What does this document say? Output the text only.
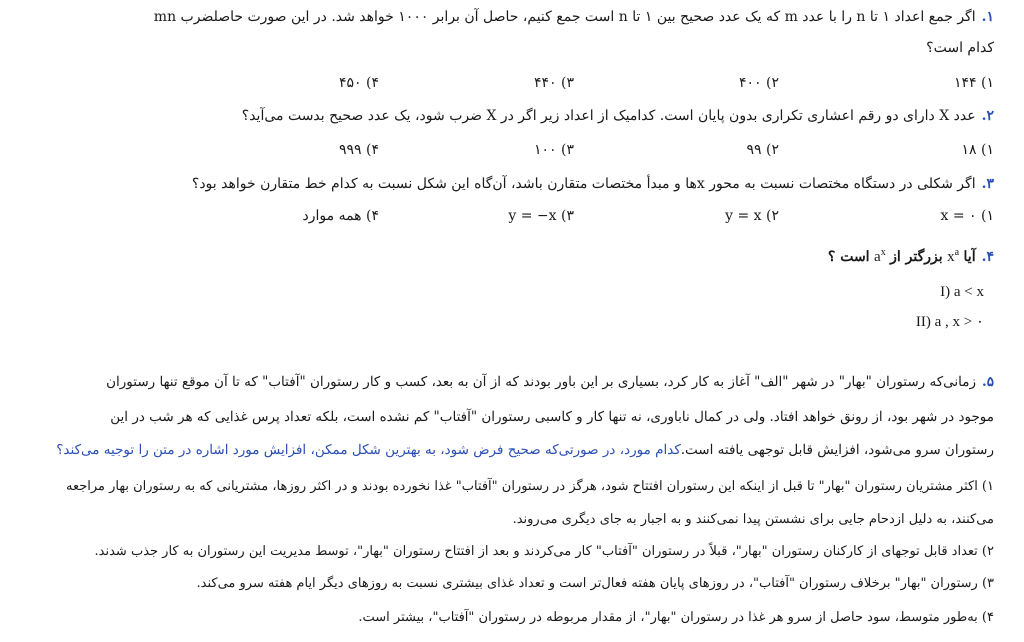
۱.اگر جمع اعداد ۱ تا n را با عدد m که یک عدد صحیح بین ۱ تا n است جمع کنیم، حاصل آن برابر ۱۰۰۰ خواهد شد. در این صورت حاصلضرب mn
کدام است؟
۱) ۱۴۴
۲) ۴۰۰
۳) ۴۴۰
۴) ۴۵۰
۲.عدد X دارای دو رقم اعشاری تکراری بدون پایان است. کدامیک از اعداد زیر اگر در X ضرب شود، یک عدد صحیح بدست می‌آید؟
۱) ۱۸
۲) ۹۹
۳) ۱۰۰
۴) ۹۹۹
۳.اگر شکلی در دستگاه مختصات نسبت به محور xها و مبدأ مختصات متقارن باشد، آن‌گاه این شکل نسبت به کدام خط متقارن خواهد بود؟
۱) x = ۰
۲) y = x
۳) y = −x
۴) همه موارد
۴.آیا $x^a$ بزرگتر از $a^x$ است ؟
I) a < x
II) a , x > ۰
۵.زمانی‌که رستوران "بهار" در شهر "الف" آغاز به کار کرد، بسیاری بر این باور بودند که از آن به بعد، کسب و کار رستوران "آفتاب" که تا آن موقع تنها رستوران
موجود در شهر بود، از رونق خواهد افتاد. ولی در کمال ناباوری، نه تنها کار و کاسبی رستوران "آفتاب" کم نشده است، بلکه تعداد پرس غذایی که هر شب در این
رستوران سرو می‌شود، افزایش قابل توجهی یافته است.کدام مورد، در صورتی‌که صحیح فرض شود، به بهترین شکل ممکن، افزایش مورد اشاره در متن را توجیه می‌کند؟
۱) اکثر مشتریان رستوران "بهار" تا قبل از اینکه این رستوران افتتاح شود، هرگز در رستوران "آفتاب" غذا نخورده بودند و در اکثر روزها، مشتریانی که به رستوران بهار مراجعه
می‌کنند، به دلیل ازدحام جایی برای نشستن پیدا نمی‌کنند و به اجبار به جای دیگری می‌روند.
۲) تعداد قابل توجهای از کارکنان رستوران "بهار"، قبلاً در رستوران "آفتاب" کار می‌کردند و بعد از افتتاح رستوران "بهار"، توسط مدیریت این رستوران به کار جذب شدند.
۳) رستوران "بهار" برخلاف رستوران "آفتاب"، در روزهای پایان هفته فعال‌تر است و تعداد غذای بیشتری نسبت به روزهای دیگر ایام هفته سرو می‌کند.
۴) به‌طور متوسط، سود حاصل از سرو هر غذا در رستوران "بهار"، از مقدار مربوطه در رستوران "آفتاب"، بیشتر است.
